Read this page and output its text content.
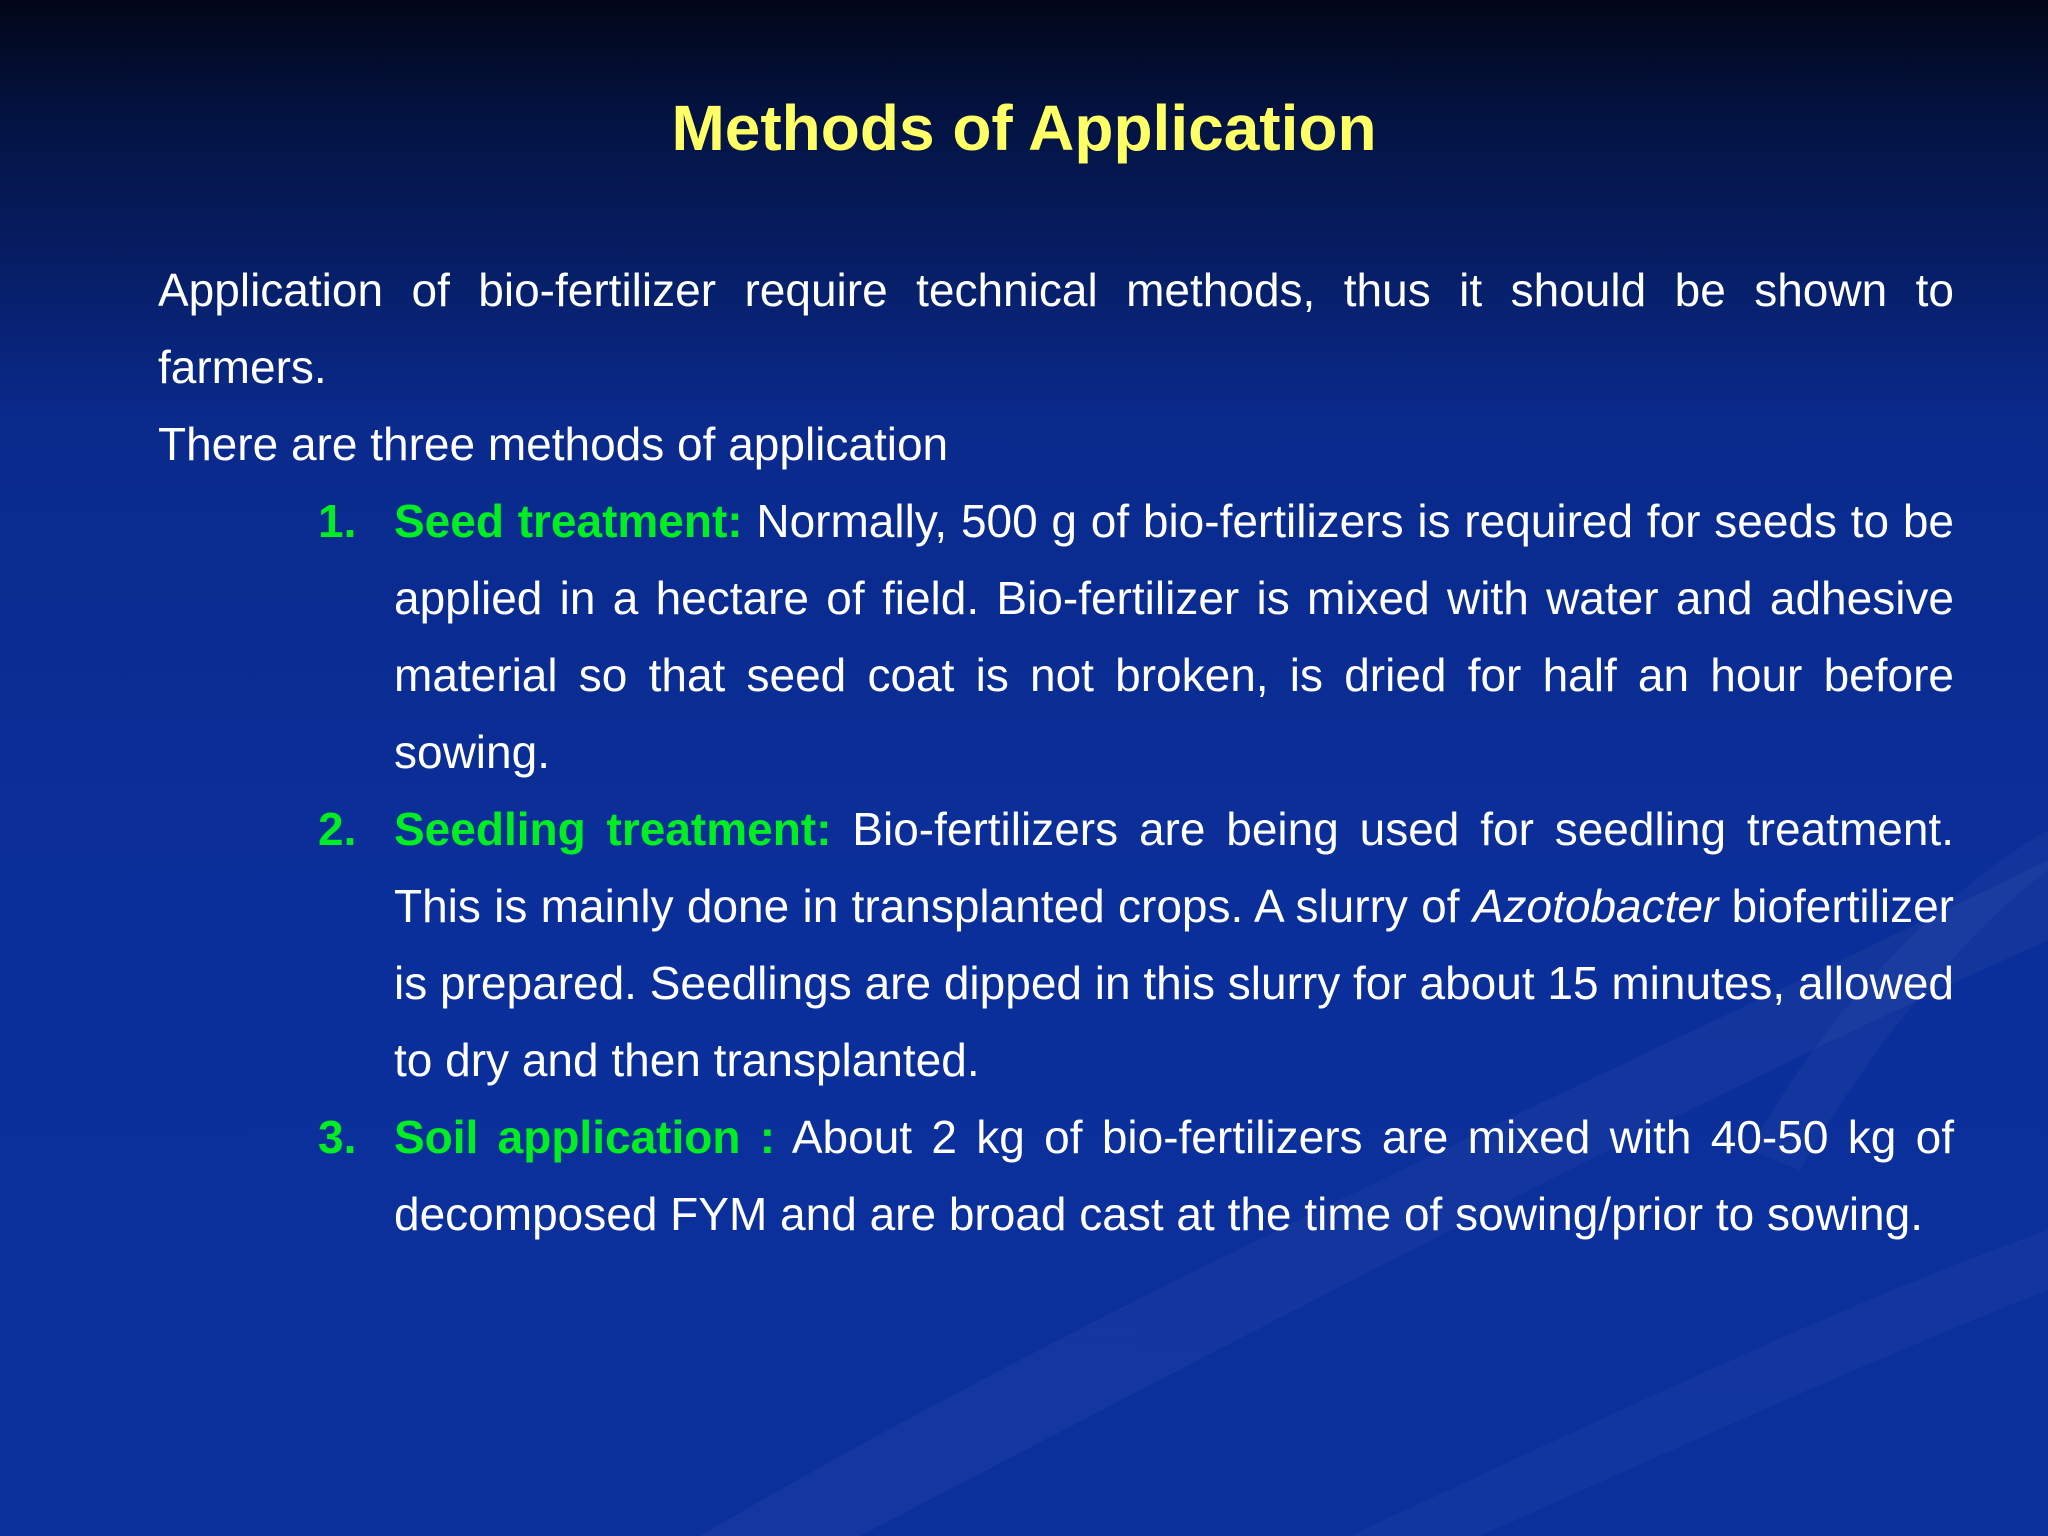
Methods of Application

Application of bio-fertilizer require technical methods, thus it should be shown to farmers.

There are three methods of application

1. Seed treatment: Normally, 500 g of bio-fertilizers is required for seeds to be applied in a hectare of field. Bio-fertilizer is mixed with water and adhesive material so that seed coat is not broken, is dried for half an hour before sowing.
2. Seedling treatment: Bio-fertilizers are being used for seedling treatment. This is mainly done in transplanted crops. A slurry of Azotobacter biofertilizer is prepared. Seedlings are dipped in this slurry for about 15 minutes, allowed to dry and then transplanted.
3. Soil application : About 2 kg of bio-fertilizers are mixed with 40-50 kg of decomposed FYM and are broad cast at the time of sowing/prior to sowing.
